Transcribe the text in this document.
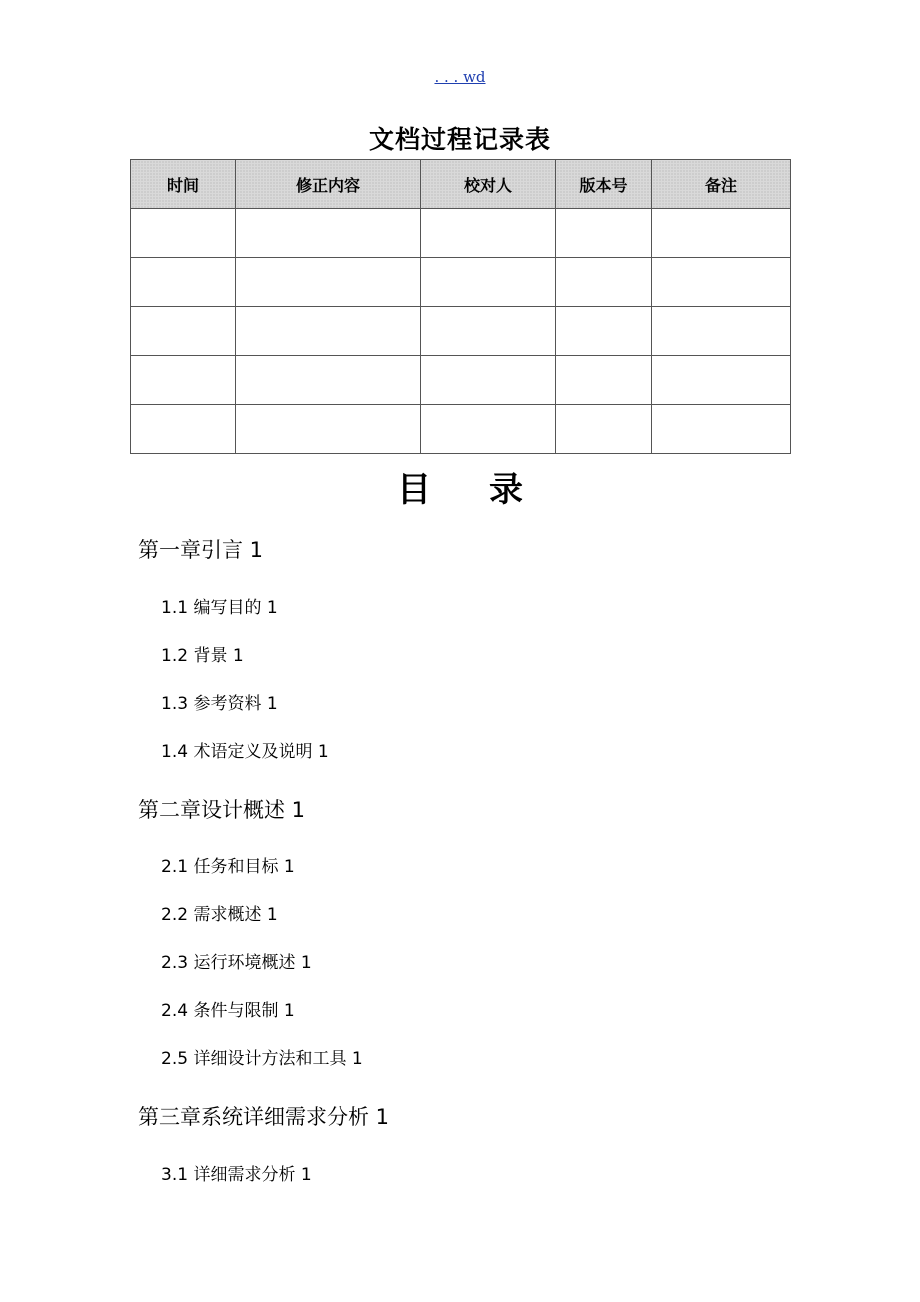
. . . wd
文档过程记录表
时间	修正内容	校对人	版本号	备注

目 录
第一章引言 1
1.1 编写目的 1
1.2 背景 1
1.3 参考资料 1
1.4 术语定义及说明 1
第二章设计概述 1
2.1 任务和目标 1
2.2 需求概述 1
2.3 运行环境概述 1
2.4 条件与限制 1
2.5 详细设计方法和工具 1
第三章系统详细需求分析 1
3.1 详细需求分析 1
